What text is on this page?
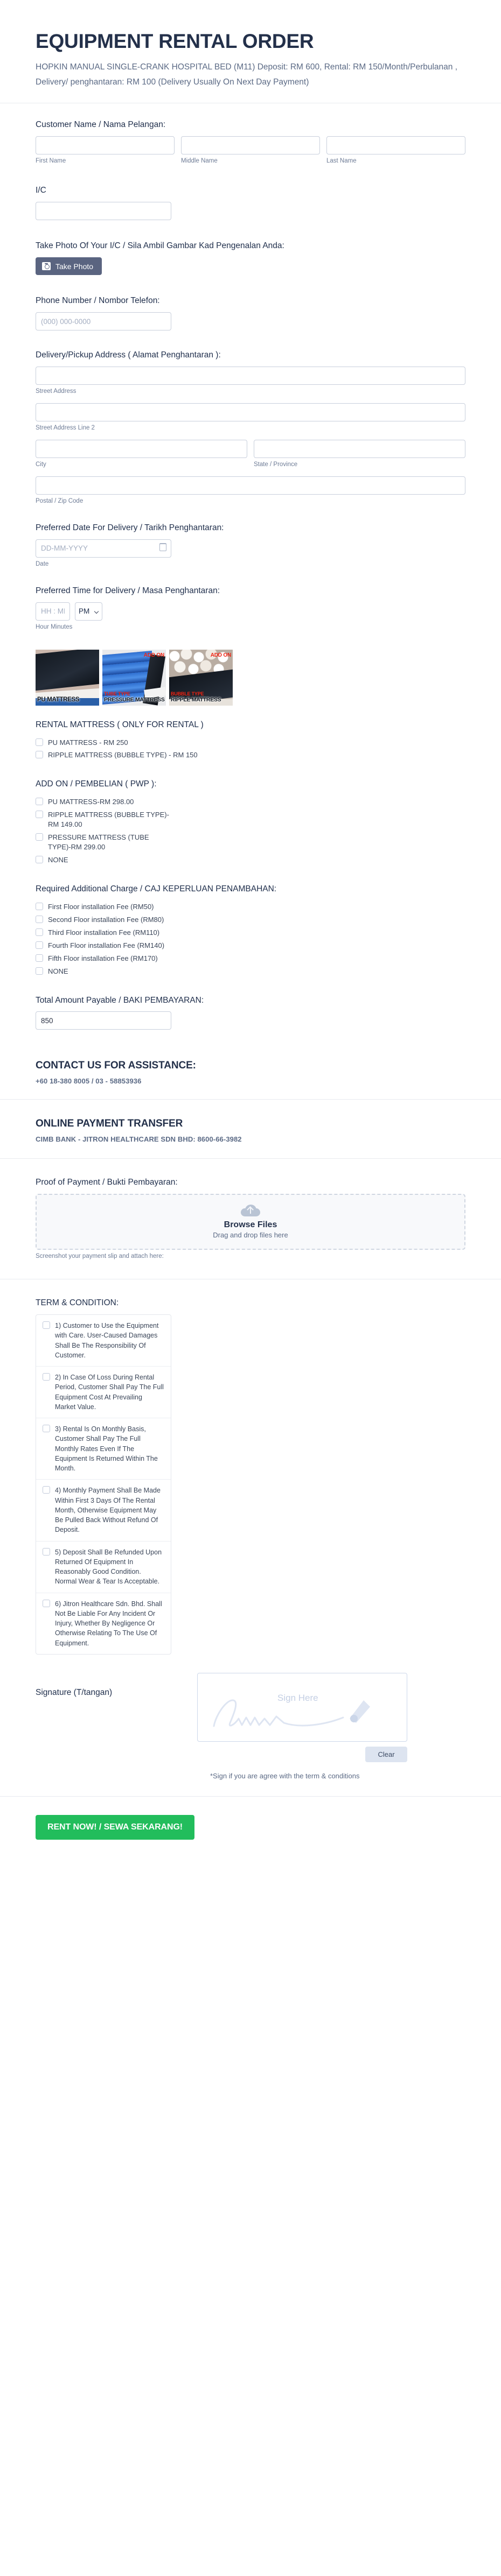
EQUIPMENT RENTAL ORDER

HOPKIN MANUAL SINGLE-CRANK HOSPITAL BED (M11) Deposit: RM 600, Rental: RM 150/Month/Perbulanan , Delivery/ penghantaran: RM 100 (Delivery Usually On Next Day Payment)

Customer Name / Nama Pelangan:
First Name	Middle Name	Last Name
I/C
Take Photo Of Your I/C / Sila Ambil Gambar Kad Pengenalan Anda:
Take Photo
Phone Number / Nombor Telefon:
(000) 000-0000
Delivery/Pickup Address ( Alamat Penghantaran ):
Street Address
Street Address Line 2
City	State / Province
Postal / Zip Code
Preferred Date For Delivery / Tarikh Penghantaran:
DD-MM-YYYY
Date
Preferred Time for Delivery / Masa Penghantaran:
HH : MM
PM
Hour Minutes
PU MATTRESS
ADD ON
TUBE TYPE
PRESSURE MATTRESS
ADD ON
BUBBLE TYPE
RIPPLE MATTRESS
RENTAL MATTRESS ( ONLY FOR RENTAL )
PU MATTRESS - RM 250
RIPPLE MATTRESS (BUBBLE TYPE) - RM 150
ADD ON / PEMBELIAN ( PWP ):
PU MATTRESS-RM 298.00
RIPPLE MATTRESS (BUBBLE TYPE)-RM 149.00
PRESSURE MATTRESS (TUBE TYPE)-RM 299.00
NONE
Required Additional Charge / CAJ KEPERLUAN PENAMBAHAN:
First Floor installation Fee (RM50)
Second Floor installation Fee (RM80)
Third Floor installation Fee (RM110)
Fourth Floor installation Fee (RM140)
Fifth Floor installation Fee (RM170)
NONE
Total Amount Payable / BAKI PEMBAYARAN:
850
CONTACT US FOR ASSISTANCE:
+60 18-380 8005 / 03 - 58853936
ONLINE PAYMENT TRANSFER
CIMB BANK - JITRON HEALTHCARE SDN BHD: 8600-66-3982
Proof of Payment / Bukti Pembayaran:
Browse Files
Drag and drop files here
Screenshot your payment slip and attach here:
TERM & CONDITION:
1) Customer to Use the Equipment with Care. User-Caused Damages Shall Be The Responsibility Of Customer.
2) In Case Of Loss During Rental Period, Customer Shall Pay The Full Equipment Cost At Prevailing Market Value.
3) Rental Is On Monthly Basis, Customer Shall Pay The Full Monthly Rates Even If The Equipment Is Returned Within The Month.
4) Monthly Payment Shall Be Made Within First 3 Days Of The Rental Month, Otherwise Equipment May Be Pulled Back Without Refund Of Deposit.
5) Deposit Shall Be Refunded Upon Returned Of Equipment In Reasonably Good Condition. Normal Wear & Tear Is Acceptable.
6) Jitron Healthcare Sdn. Bhd. Shall Not Be Liable For Any Incident Or Injury, Whether By Negligence Or Otherwise Relating To The Use Of Equipment.
Signature (T/tangan)
Sign Here
Clear
*Sign if you are agree with the term & conditions
RENT NOW! / SEWA SEKARANG!
